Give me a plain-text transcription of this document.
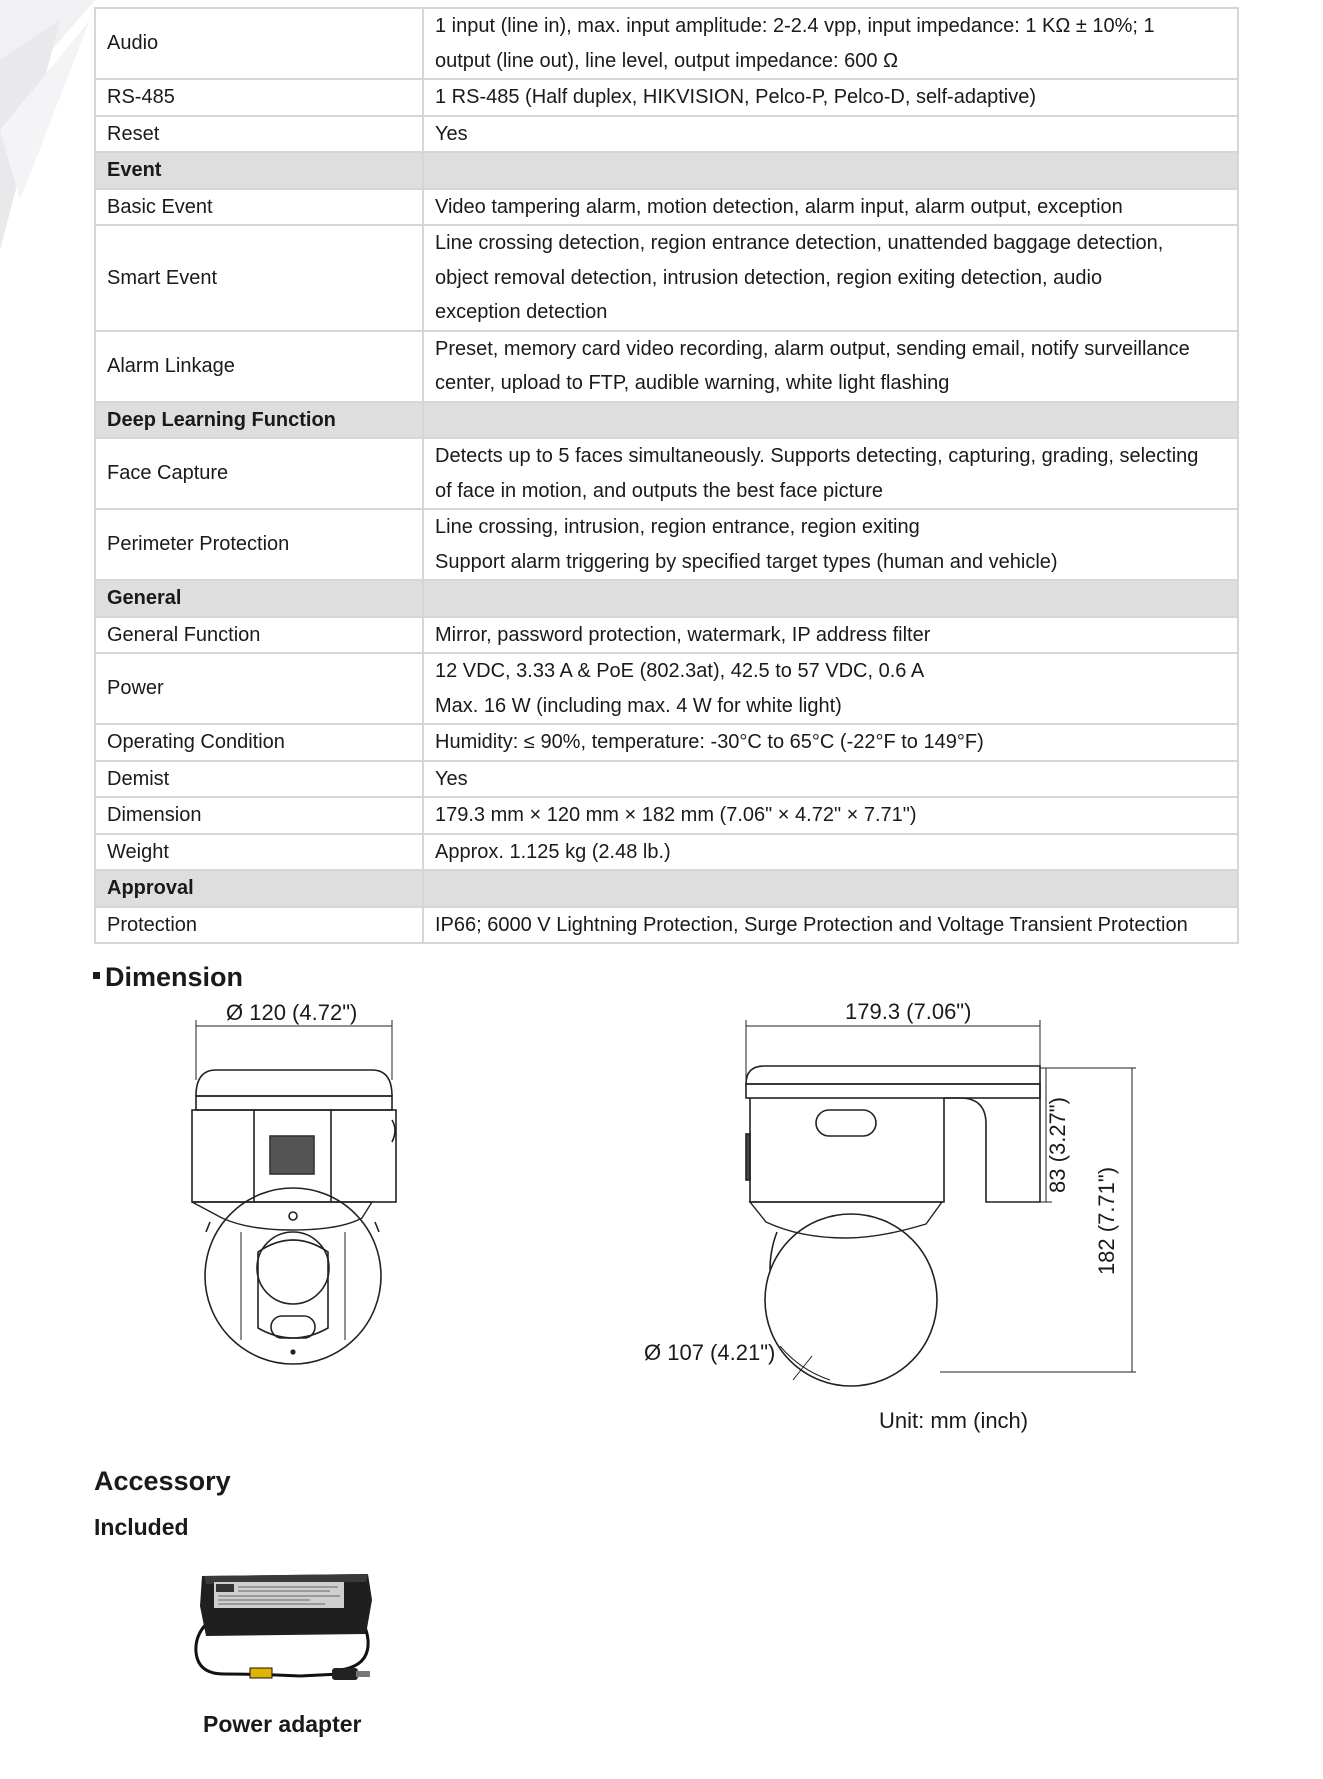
Audio	1 input (line in), max. input amplitude: 2-2.4 vpp, input impedance: 1 KΩ ± 10%; 1
output (line out), line level, output impedance: 600 Ω

RS-485	1 RS-485 (Half duplex, HIKVISION, Pelco-P, Pelco-D, self-adaptive)

Reset	Yes

Event	
Basic Event	Video tampering alarm, motion detection, alarm input, alarm output, exception

Smart Event	Line crossing detection, region entrance detection, unattended baggage detection,
object removal detection, intrusion detection, region exiting detection, audio
exception detection

Alarm Linkage	Preset, memory card video recording, alarm output, sending email, notify surveillance
center, upload to FTP, audible warning, white light flashing

Deep Learning Function	
Face Capture	Detects up to 5 faces simultaneously. Supports detecting, capturing, grading, selecting
of face in motion, and outputs the best face picture

Perimeter Protection	Line crossing, intrusion, region entrance, region exiting
Support alarm triggering by specified target types (human and vehicle)

General	
General Function	Mirror, password protection, watermark, IP address filter

Power	12 VDC, 3.33 A & PoE (802.3at), 42.5 to 57 VDC, 0.6 A
Max. 16 W (including max. 4 W for white light)

Operating Condition	Humidity: ≤ 90%, temperature: -30°C to 65°C (-22°F to 149°F)

Demist	Yes

Dimension	179.3 mm × 120 mm × 182 mm (7.06" × 4.72" × 7.71")

Weight	Approx. 1.125 kg (2.48 lb.)

Approval	
Protection	IP66; 6000 V Lightning Protection, Surge Protection and Voltage Transient Protection
Dimension
Ø 120 (4.72")	179.3 (7.06")
83 (3.27")
182 (7.71")
Ø 107 (4.21")
Unit: mm (inch)
Accessory
Included
Power adapter
